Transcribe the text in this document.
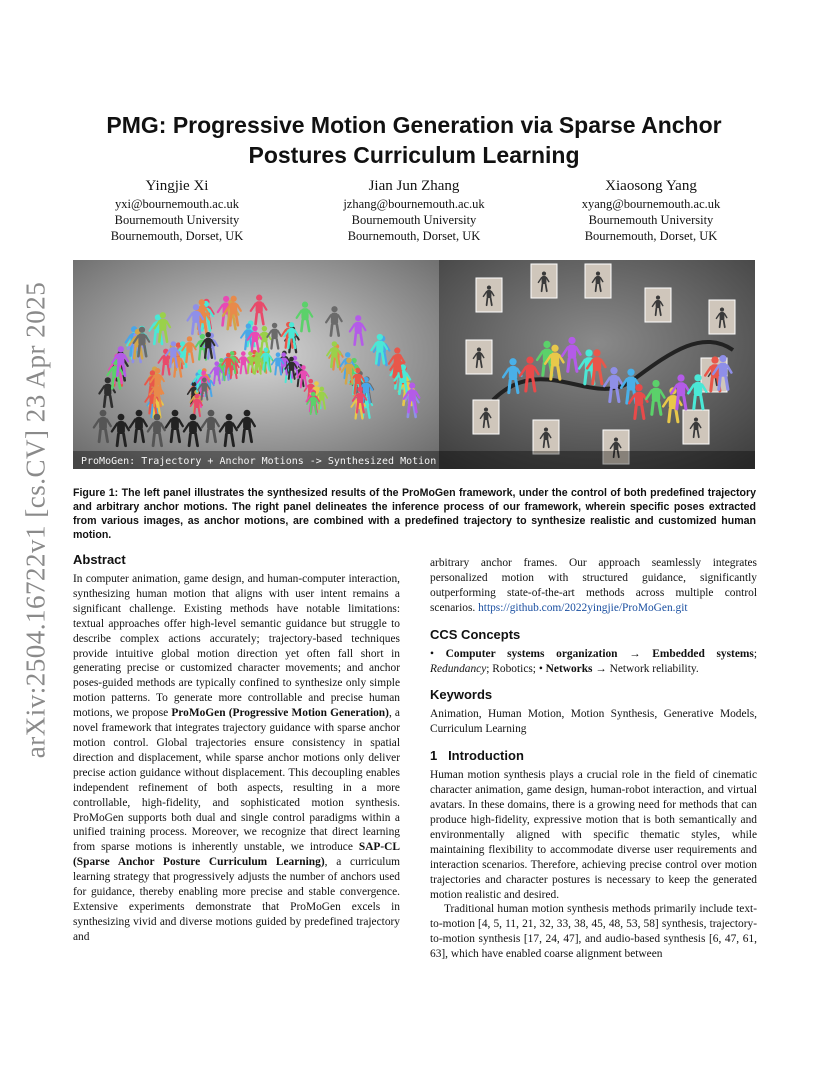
arXiv:2504.16722v1 [cs.CV] 23 Apr 2025
PMG: Progressive Motion Generation via Sparse Anchor Postures Curriculum Learning
Yingjie Xi
yxi@bournemouth.ac.uk
Bournemouth University
Bournemouth, Dorset, UK
Jian Jun Zhang
jzhang@bournemouth.ac.uk
Bournemouth University
Bournemouth, Dorset, UK
Xiaosong Yang
xyang@bournemouth.ac.uk
Bournemouth University
Bournemouth, Dorset, UK
ProMoGen: Trajectory + Anchor Motions -> Synthesized Motion
Figure 1: The left panel illustrates the synthesized results of the ProMoGen framework, under the control of both predefined trajectory and arbitrary anchor motions. The right panel delineates the inference process of our framework, wherein specific poses extracted from various images, as anchor motions, are combined with a predefined trajectory to synthesize realistic and customized human motion.
Abstract

In computer animation, game design, and human-computer interaction, synthesizing human motion that aligns with user intent remains a significant challenge. Existing methods have notable limitations: textual approaches offer high-level semantic guidance but struggle to describe complex actions accurately; trajectory-based techniques provide intuitive global motion direction yet often fall short in generating precise or customized character movements; and anchor poses-guided methods are typically confined to synthesize only simple motion patterns. To generate more controllable and precise human motions, we propose ProMoGen (Progressive Motion Generation), a novel framework that integrates trajectory guidance with sparse anchor motion control. Global trajectories ensure consistency in spatial direction and displacement, while sparse anchor motions only deliver precise action guidance without displacement. This decoupling enables independent refinement of both aspects, resulting in a more controllable, high-fidelity, and sophisticated motion synthesis. ProMoGen supports both dual and single control paradigms within a unified training process. Moreover, we recognize that direct learning from sparse motions is inherently unstable, we introduce SAP-CL (Sparse Anchor Posture Curriculum Learning), a curriculum learning strategy that progressively adjusts the number of anchors used for guidance, thereby enabling more precise and stable convergence. Extensive experiments demonstrate that ProMoGen excels in synthesizing vivid and diverse motions guided by predefined trajectory and

arbitrary anchor frames. Our approach seamlessly integrates personalized motion with structured guidance, significantly outperforming state-of-the-art methods across multiple control scenarios. https://github.com/2022yingjie/ProMoGen.git

CCS Concepts

• Computer systems organization → Embedded systems; Redundancy; Robotics; • Networks → Network reliability.

Keywords

Animation, Human Motion, Motion Synthesis, Generative Models, Curriculum Learning

1   Introduction

Human motion synthesis plays a crucial role in the field of cinematic character animation, game design, human-robot interaction, and virtual avatars. In these domains, there is a growing need for methods that can produce high-fidelity, expressive motion that is both semantically and environmentally aligned with specific thematic styles, while maintaining flexibility to accommodate diverse user requirements and interaction scenarios. Therefore, achieving precise control over motion trajectories and character postures is necessary to keep the generated motion realistic and desired.

Traditional human motion synthesis methods primarily include text-to-motion [4, 5, 11, 21, 32, 33, 38, 45, 48, 53, 58] synthesis, trajectory-to-motion synthesis [17, 24, 47], and audio-based synthesis [6, 47, 61, 63], which have enabled coarse alignment between
